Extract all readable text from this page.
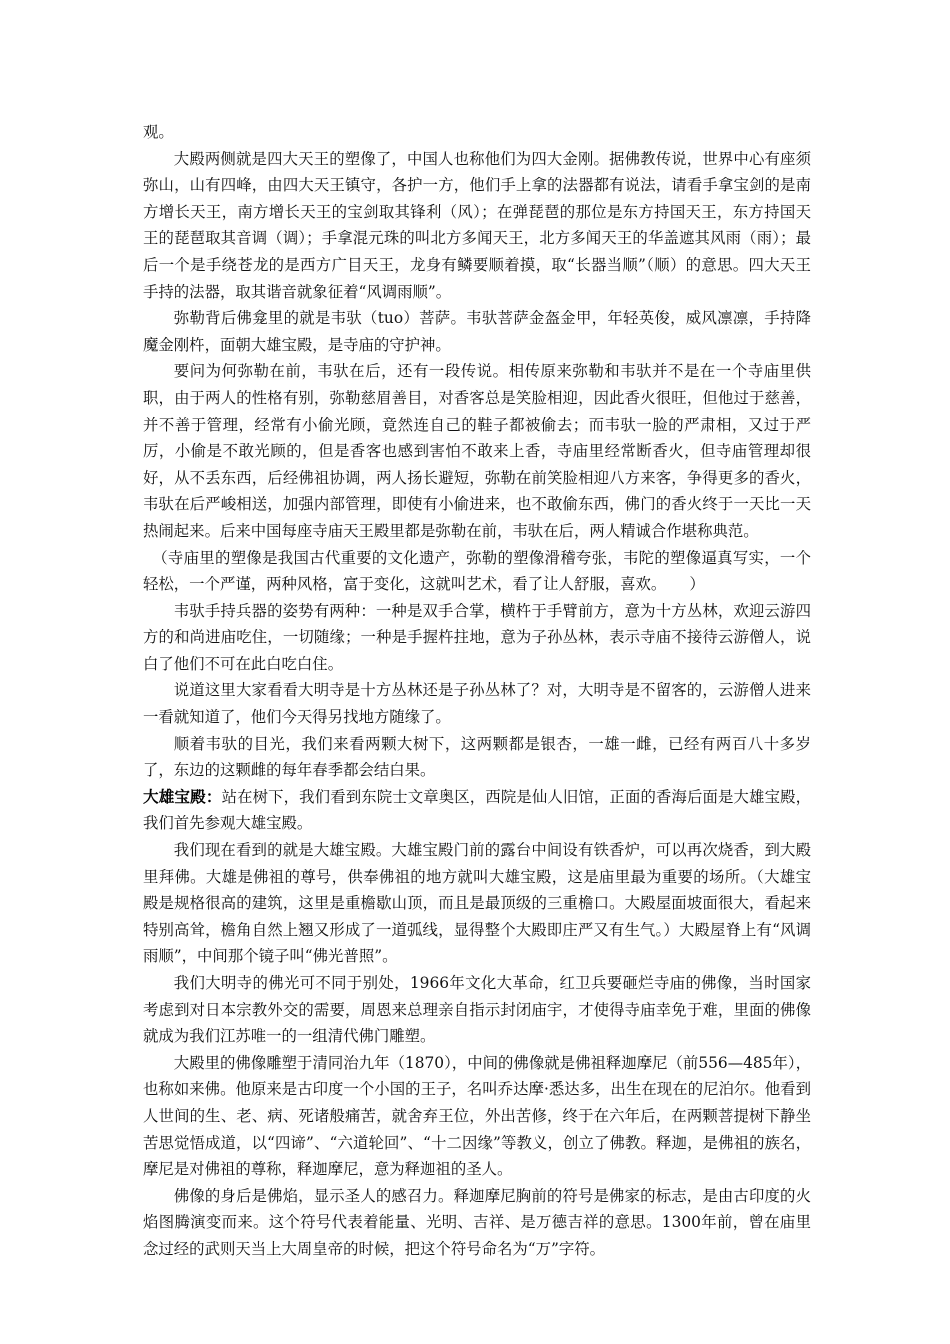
观。

大殿两侧就是四大天王的塑像了，中国人也称他们为四大金刚。据佛教传说，世界中心有座须弥山，山有四峰，由四大天王镇守，各护一方，他们手上拿的法器都有说法，请看手拿宝剑的是南方增长天王，南方增长天王的宝剑取其锋利（风）；在弹琵琶的那位是东方持国天王，东方持国天王的琵琶取其音调（调）；手拿混元珠的叫北方多闻天王，北方多闻天王的华盖遮其风雨（雨）；最后一个是手绕苍龙的是西方广目天王，龙身有鳞要顺着摸，取“长器当顺”（顺）的意思。四大天王手持的法器，取其谐音就象征着“风调雨顺”。

弥勒背后佛龛里的就是韦驮（tuo）菩萨。韦驮菩萨金盔金甲，年轻英俊，威风凛凛，手持降魔金刚杵，面朝大雄宝殿，是寺庙的守护神。

要问为何弥勒在前，韦驮在后，还有一段传说。相传原来弥勒和韦驮并不是在一个寺庙里供职，由于两人的性格有别，弥勒慈眉善目，对香客总是笑脸相迎，因此香火很旺，但他过于慈善，并不善于管理，经常有小偷光顾，竟然连自己的鞋子都被偷去；而韦驮一脸的严肃相，又过于严厉，小偷是不敢光顾的，但是香客也感到害怕不敢来上香，寺庙里经常断香火，但寺庙管理却很好，从不丢东西，后经佛祖协调，两人扬长避短，弥勒在前笑脸相迎八方来客，争得更多的香火，韦驮在后严峻相送，加强内部管理，即使有小偷进来，也不敢偷东西，佛门的香火终于一天比一天热闹起来。后来中国每座寺庙天王殿里都是弥勒在前，韦驮在后，两人精诚合作堪称典范。

（寺庙里的塑像是我国古代重要的文化遗产，弥勒的塑像滑稽夸张，韦陀的塑像逼真写实，一个轻松，一个严谨，两种风格，富于变化，这就叫艺术，看了让人舒服，喜欢。　　）

韦驮手持兵器的姿势有两种：一种是双手合掌，横杵于手臂前方，意为十方丛林，欢迎云游四方的和尚进庙吃住，一切随缘；一种是手握杵拄地，意为子孙丛林，表示寺庙不接待云游僧人，说白了他们不可在此白吃白住。

说道这里大家看看大明寺是十方丛林还是子孙丛林了？对，大明寺是不留客的，云游僧人进来一看就知道了，他们今天得另找地方随缘了。

顺着韦驮的目光，我们来看两颗大树下，这两颗都是银杏，一雄一雌，已经有两百八十多岁了，东边的这颗雌的每年春季都会结白果。

大雄宝殿：站在树下，我们看到东院士文章奥区，西院是仙人旧馆，正面的香海后面是大雄宝殿，我们首先参观大雄宝殿。

我们现在看到的就是大雄宝殿。大雄宝殿门前的露台中间设有铁香炉，可以再次烧香，到大殿里拜佛。大雄是佛祖的尊号，供奉佛祖的地方就叫大雄宝殿，这是庙里最为重要的场所。（大雄宝殿是规格很高的建筑，这里是重檐歇山顶，而且是最顶级的三重檐口。大殿屋面坡面很大，看起来特别高耸，檐角自然上翘又形成了一道弧线，显得整个大殿即庄严又有生气。）大殿屋脊上有“风调雨顺”，中间那个镜子叫“佛光普照”。

我们大明寺的佛光可不同于别处，1966年文化大革命，红卫兵要砸烂寺庙的佛像，当时国家考虑到对日本宗教外交的需要，周恩来总理亲自指示封闭庙宇，才使得寺庙幸免于难，里面的佛像就成为我们江苏唯一的一组清代佛门雕塑。

大殿里的佛像雕塑于清同治九年（1870），中间的佛像就是佛祖释迦摩尼（前556—485年），也称如来佛。他原来是古印度一个小国的王子，名叫乔达摩·悉达多，出生在现在的尼泊尔。他看到人世间的生、老、病、死诸般痛苦，就舍弃王位，外出苦修，终于在六年后，在两颗菩提树下静坐苦思觉悟成道，以“四谛”、“六道轮回”、“十二因缘”等教义，创立了佛教。释迦，是佛祖的族名，摩尼是对佛祖的尊称，释迦摩尼，意为释迦祖的圣人。

佛像的身后是佛焰，显示圣人的感召力。释迦摩尼胸前的符号是佛家的标志，是由古印度的火焰图腾演变而来。这个符号代表着能量、光明、吉祥、是万德吉祥的意思。1300年前，曾在庙里念过经的武则天当上大周皇帝的时候，把这个符号命名为“万”字符。
